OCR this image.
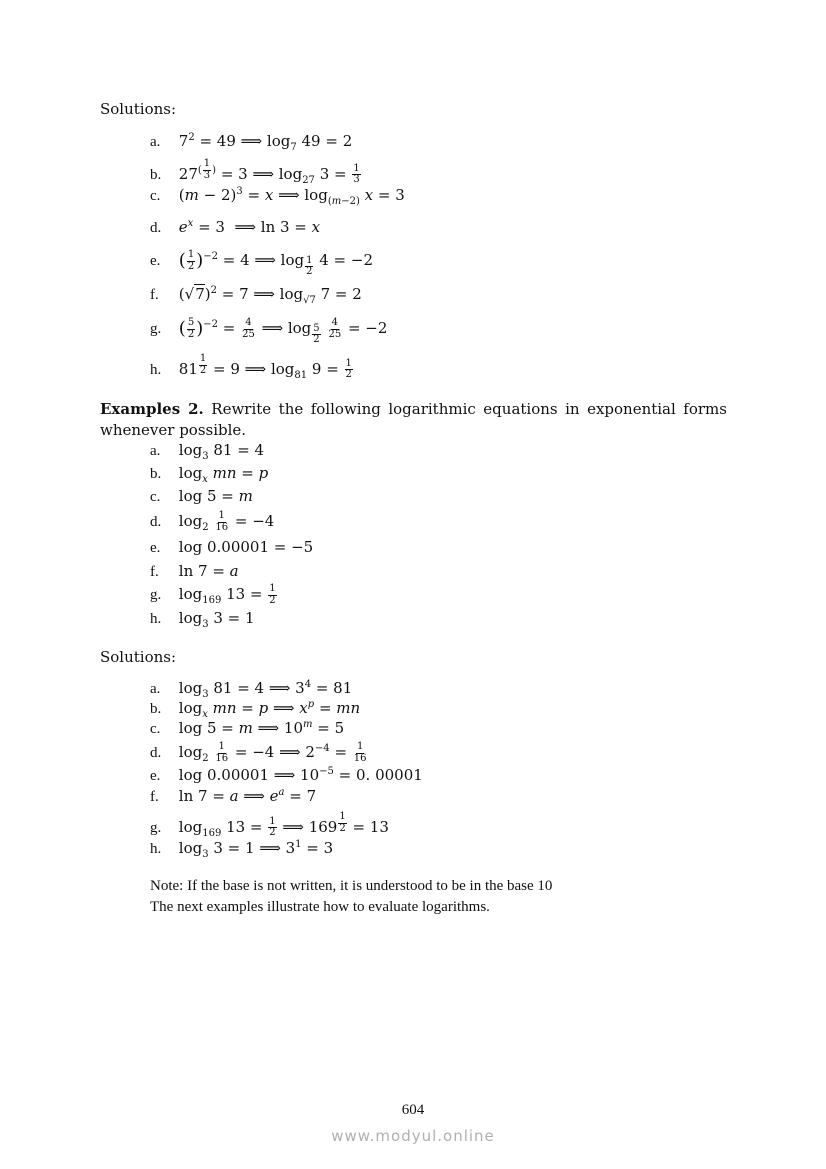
Solutions:
a. $7^2 = 49$ ⟹ $\log_7 49 = 2$
b. $27^{( \frac{1}{3} )} = 3$ ⟹ $\log_{27} 3 = \frac{1}{3}$
c. $(m - 2)^3 = x$ ⟹ $\log_{(m-2)} x = 3$
d. $e^x = 3$  ⟹ ln 3 = x
e. ( $\frac{1}{2} )^{-2} = 4$ ⟹ log $_{\frac{1}{2}}$ 4 = −2
f. $(√7)^2 = 7$ ⟹ $\log_{√7} 7 = 2$
g. ( $\frac{5}{2} )^{-2} = \frac{4}{25}$ ⟹ log $_{\frac{5}{2}}$
$\frac{4}{25} = -2$
h. 81 $^{\frac{1}{2}}$ = 9 ⟹ $\log_{81} 9 = \frac{1}{2}$

Examples 2. Rewrite the following logarithmic equations in exponential forms whenever possible.

a. $\log_3 81 = 4$
b. $\log_x$ mn = p
c. log 5 = m
d. $\log_2 \frac{1}{16} = -4$
e. log 0.00001 = −5
f. ln 7 = a
g. $\log_{169} 13 = \frac{1}{2}$
h. $\log_3 3 = 1$
Solutions:
a. $\log_3 81 = 4$ ⟹ $3^4 = 81$
b. $\log_x$ mn = p ⟹ $x^p$ = mn
c. log 5 = m ⟹ $10^m = 5$
d. $\log_2 \frac{1}{16} = -4$ ⟹ $2^{-4} = \frac{1}{16}$
e. log 0.00001 ⟹ $10^{-5} = 0$. 00001
f. ln 7 = a ⟹ $e^a = 7$
g. $\log_{169} 13 = \frac{1}{2}$ ⟹ 169 $^{\frac{1}{2}}$ = 13
h. $\log_3 3 = 1$ ⟹ $3^1 = 3$
Note: If the base is not written, it is understood to be in the base 10
The next examples illustrate how to evaluate logarithms.
604
www.modyul.online
